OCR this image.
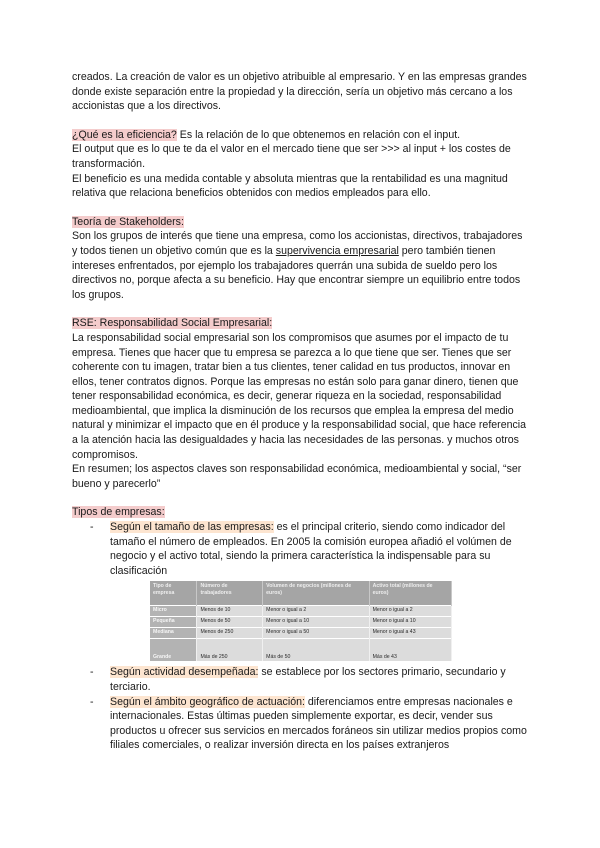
creados. La creación de valor es un objetivo atribuible al empresario. Y en las empresas grandes donde existe separación entre la propiedad y la dirección, sería un objetivo más cercano a los accionistas que a los directivos.

¿Qué es la eficiencia? Es la relación de lo que obtenemos en relación con el input.

El output que es lo que te da el valor en el mercado tiene que ser >>> al input + los costes de transformación.

El beneficio es una medida contable y absoluta mientras que la rentabilidad es una magnitud relativa que relaciona beneficios obtenidos con medios empleados para ello.

Teoría de Stakeholders:

Son los grupos de interés que tiene una empresa, como los accionistas, directivos, trabajadores y todos tienen un objetivo común que es la supervivencia empresarial pero también tienen intereses enfrentados, por ejemplo los trabajadores querrán una subida de sueldo pero los directivos no, porque afecta a su beneficio. Hay que encontrar siempre un equilibrio entre todos los grupos.

RSE: Responsabilidad Social Empresarial:

La responsabilidad social empresarial son los compromisos que asumes por el impacto de tu empresa. Tienes que hacer que tu empresa se parezca a lo que tiene que ser. Tienes que ser coherente con tu imagen, tratar bien a tus clientes, tener calidad en tus productos, innovar en ellos, tener contratos dignos. Porque las empresas no están solo para ganar dinero, tienen que tener responsabilidad económica, es decir, generar riqueza en la sociedad, responsabilidad medioambiental, que implica la disminución de los recursos que emplea la empresa del medio natural y minimizar el impacto que en él produce y la responsabilidad social, que hace referencia a la atención hacia las desigualdades y hacia las necesidades de las personas. y muchos otros compromisos.

En resumen; los aspectos claves son responsabilidad económica, medioambiental y social, “ser bueno y parecerlo”

Tipos de empresas:

- Según el tamaño de las empresas: es el principal criterio, siendo como indicador del tamaño el número de empleados. En 2005 la comisión europea añadió el volúmen de negocio y el activo total, siendo la primera característica la indispensable para su clasificación
Tipo de empresa	Número de trabajadores	Volumen de negocios (millones de euros)	Activo total (millones de euros)
Micro	Menos de 10	Menor o igual a 2	Menor o igual a 2
Pequeña	Menos de 50	Menor o igual a 10	Menor o igual a 10
Mediana	Menos de 250	Menor o igual a 50	Menor o igual a 43
Grande	Más de 250	Más de 50	Más de 43
- Según actividad desempeñada: se establece por los sectores primario, secundario y terciario.
- Según el ámbito geográfico de actuación: diferenciamos entre empresas nacionales e internacionales. Estas últimas pueden simplemente exportar, es decir, vender sus productos u ofrecer sus servicios en mercados foráneos sin utilizar medios propios como filiales comerciales, o realizar inversión directa en los países extranjeros
